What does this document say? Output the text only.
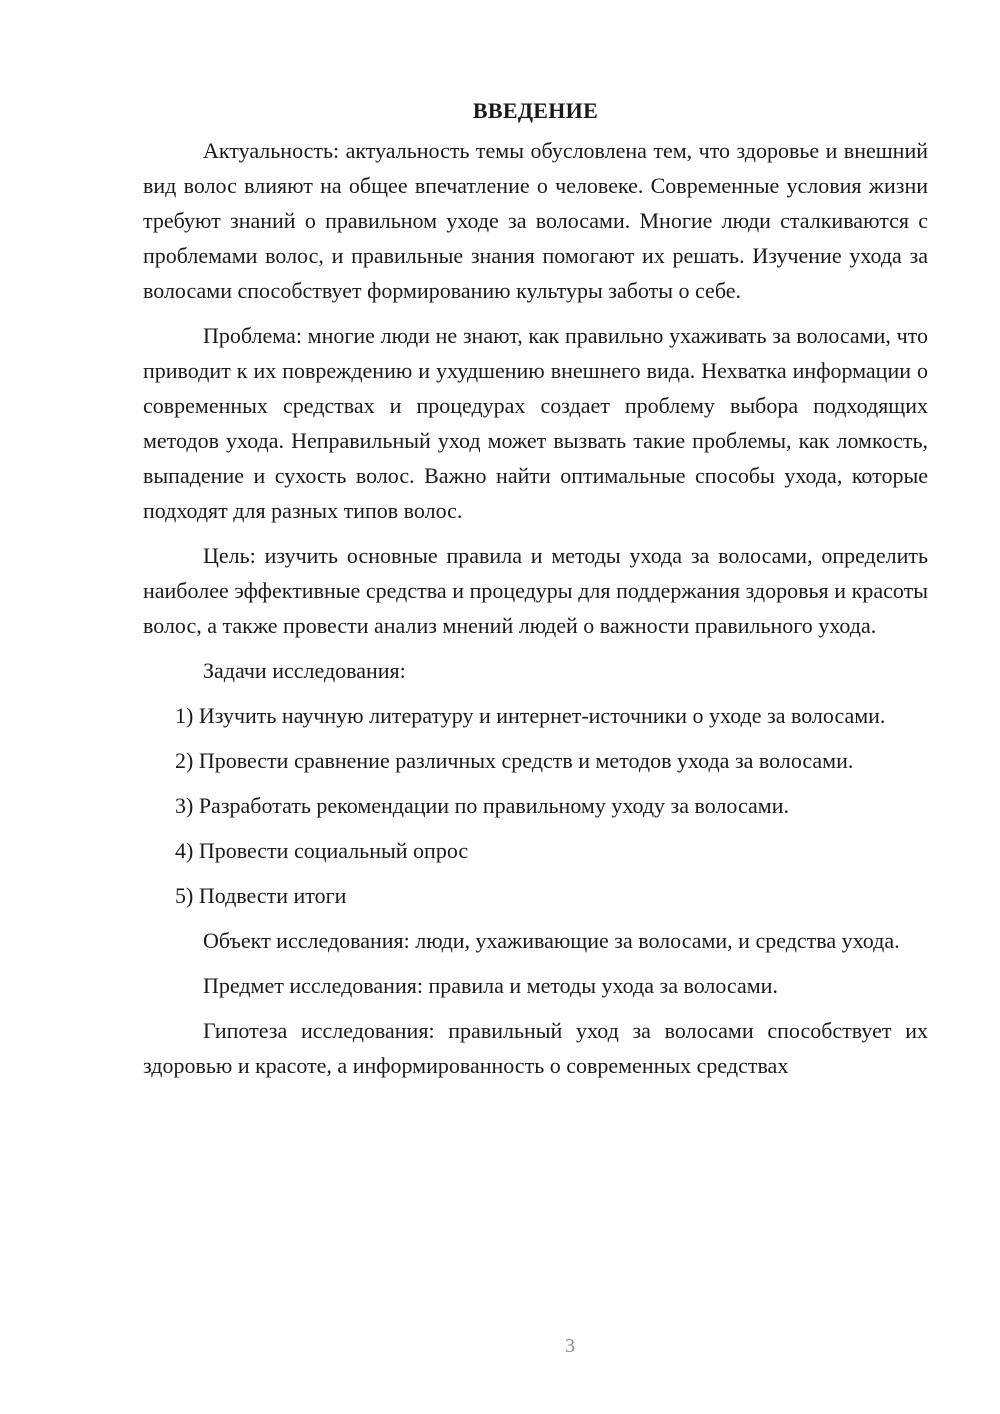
ВВЕДЕНИЕ

Актуальность: актуальность темы обусловлена тем, что здоровье и внешний вид волос влияют на общее впечатление о человеке. Современные условия жизни требуют знаний о правильном уходе за волосами. Многие люди сталкиваются с проблемами волос, и правильные знания помогают их решать. Изучение ухода за волосами способствует формированию культуры заботы о себе.

Проблема: многие люди не знают, как правильно ухаживать за волосами, что приводит к их повреждению и ухудшению внешнего вида. Нехватка информации о современных средствах и процедурах создает проблему выбора подходящих методов ухода. Неправильный уход может вызвать такие проблемы, как ломкость, выпадение и сухость волос. Важно найти оптимальные способы ухода, которые подходят для разных типов волос.

Цель: изучить основные правила и методы ухода за волосами, определить наиболее эффективные средства и процедуры для поддержания здоровья и красоты волос, а также провести анализ мнений людей о важности правильного ухода.

Задачи исследования:

1) Изучить научную литературу и интернет-источники о уходе за волосами.

2) Провести сравнение различных средств и методов ухода за волосами.

3) Разработать рекомендации по правильному уходу за волосами.

4) Провести социальный опрос

5) Подвести итоги

Объект исследования: люди, ухаживающие за волосами, и средства ухода.

Предмет исследования: правила и методы ухода за волосами.

Гипотеза исследования: правильный уход за волосами способствует их здоровью и красоте, а информированность о современных средствах

3
